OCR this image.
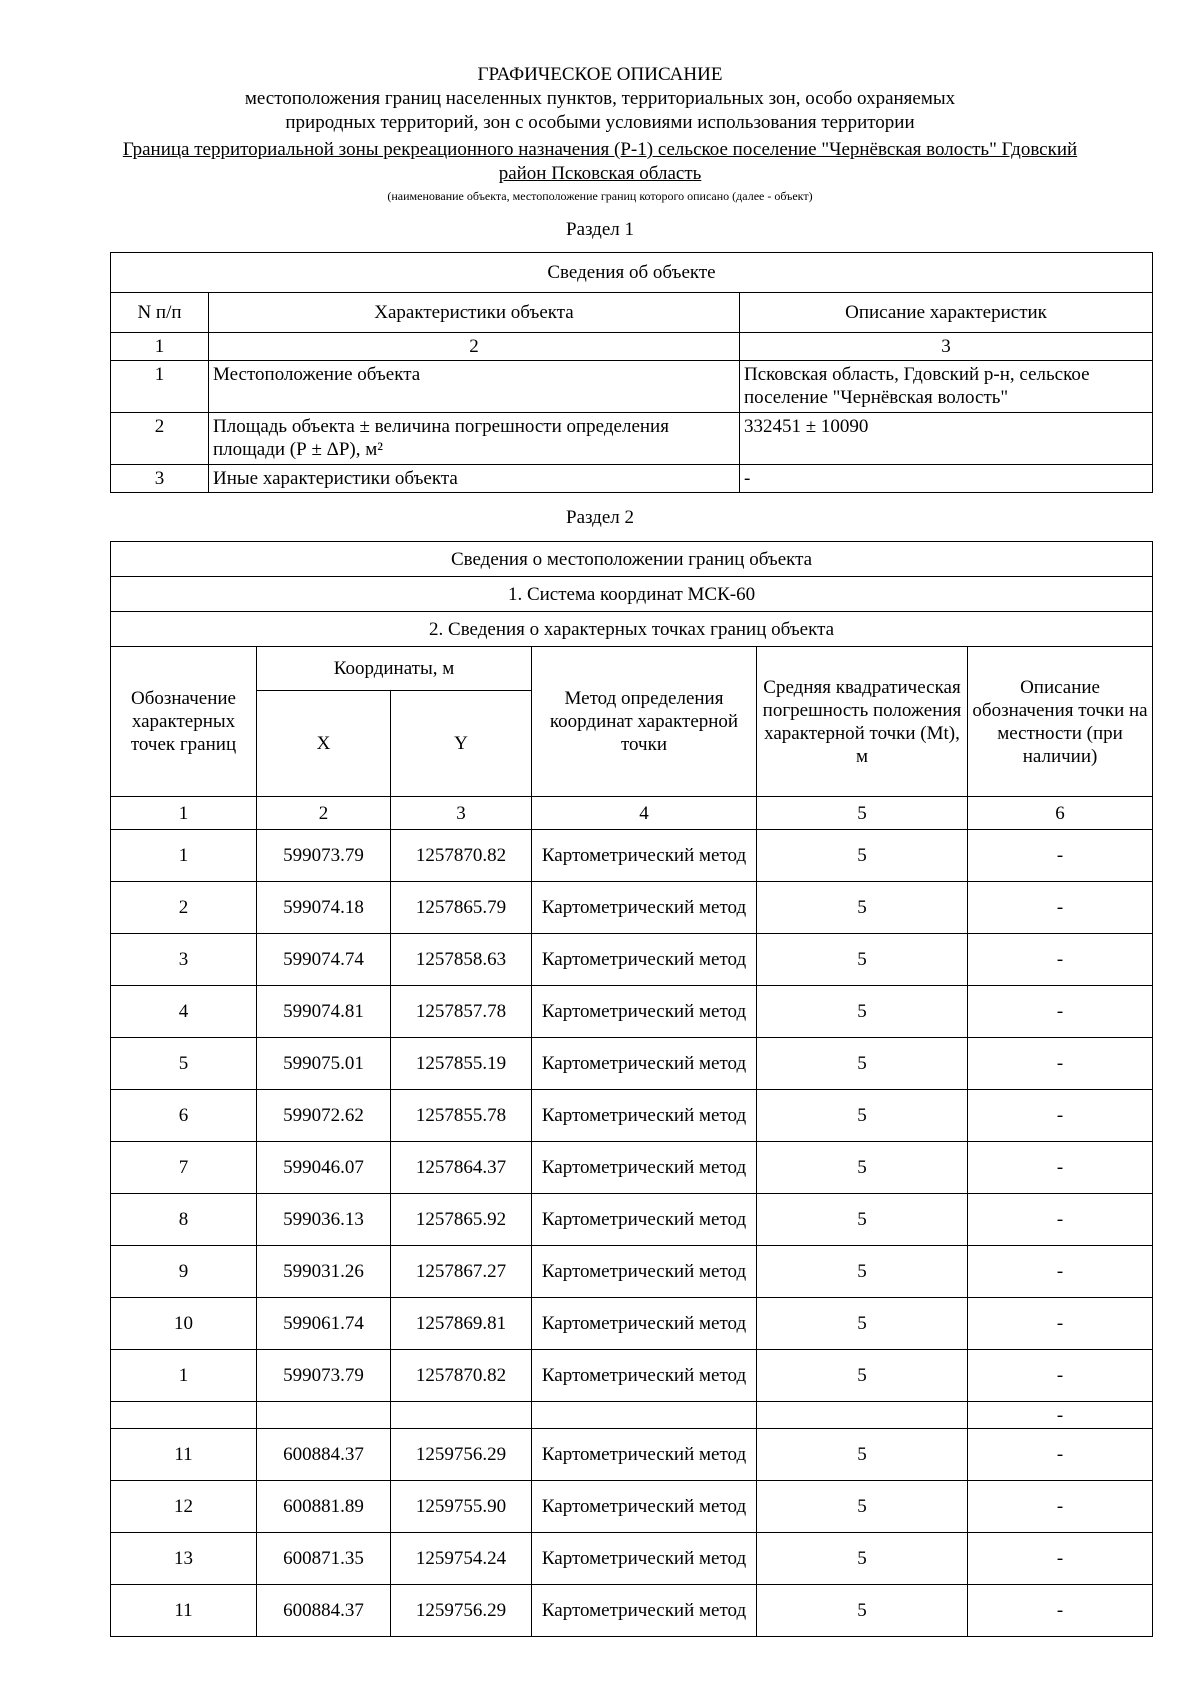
ГРАФИЧЕСКОЕ ОПИСАНИЕ
местоположения границ населенных пунктов, территориальных зон, особо охраняемых
природных территорий, зон с особыми условиями использования территории
Граница территориальной зоны рекреационного назначения (Р-1) сельское поселение "Чернёвская волость" Гдовский
район Псковская область
(наименование объекта, местоположение границ которого описано (далее - объект)
Раздел 1
Сведения об объекте		
N п/п	Характеристики объекта	Описание характеристик
1	2	3
1	Местоположение объекта	Псковская область, Гдовский р-н, сельское поселение "Чернёвская волость"
2	Площадь объекта ± величина погрешности определения площади (Р ± ΔР), м²	332451 ± 10090
3	Иные характеристики объекта	-
Раздел 2
Сведения о местоположении границ объекта					
1. Система координат МСК-60					
2. Сведения о характерных точках границ объекта					
Обозначение характерных точек границ	Координаты, м		Метод определения координат характерной точки	Средняя квадратическая погрешность положения характерной точки (Mt), м	Описание обозначения точки на местности (при наличии)
	X	Y			
1	2	3	4	5	6
1	599073.79	1257870.82	Картометрический метод	5	-
2	599074.18	1257865.79	Картометрический метод	5	-
3	599074.74	1257858.63	Картометрический метод	5	-
4	599074.81	1257857.78	Картометрический метод	5	-
5	599075.01	1257855.19	Картометрический метод	5	-
6	599072.62	1257855.78	Картометрический метод	5	-
7	599046.07	1257864.37	Картометрический метод	5	-
8	599036.13	1257865.92	Картометрический метод	5	-
9	599031.26	1257867.27	Картометрический метод	5	-
10	599061.74	1257869.81	Картометрический метод	5	-
1	599073.79	1257870.82	Картометрический метод	5	-
					-
11	600884.37	1259756.29	Картометрический метод	5	-
12	600881.89	1259755.90	Картометрический метод	5	-
13	600871.35	1259754.24	Картометрический метод	5	-
11	600884.37	1259756.29	Картометрический метод	5	-
